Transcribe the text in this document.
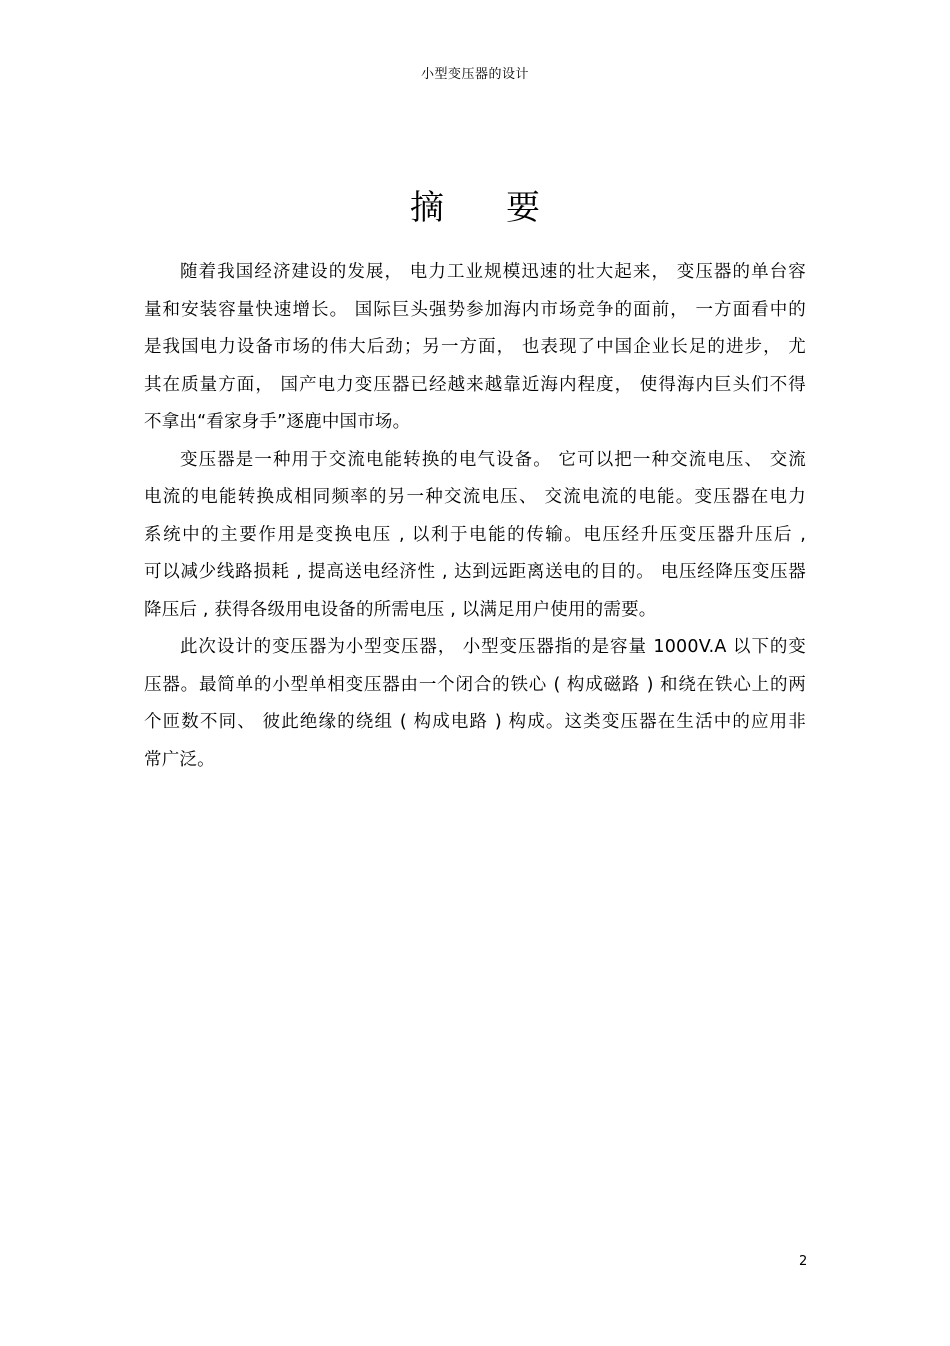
小型变压器的设计
摘 要
随着我国经济建设的发展， 电力工业规模迅速的壮大起来， 变压器的单台容
量和安装容量快速增长。 国际巨头强势参加海内市场竞争的面前， 一方面看中的
是我国电力设备市场的伟大后劲；另一方面， 也表现了中国企业长足的进步， 尤
其在质量方面， 国产电力变压器已经越来越靠近海内程度， 使得海内巨头们不得
不拿出“看家身手”逐鹿中国市场。
变压器是一种用于交流电能转换的电气设备。 它可以把一种交流电压、 交流
电流的电能转换成相同频率的另一种交流电压、 交流电流的电能。变压器在电力
系统中的主要作用是变换电压 , 以利于电能的传输。电压经升压变压器升压后 ,
可以减少线路损耗 , 提高送电经济性 , 达到远距离送电的目的。 电压经降压变压器
降压后 , 获得各级用电设备的所需电压 , 以满足用户使用的需要。
此次设计的变压器为小型变压器， 小型变压器指的是容量 1000V.A 以下的变
压器。最简单的小型单相变压器由一个闭合的铁心 ( 构成磁路 ) 和绕在铁心上的两
个匝数不同、 彼此绝缘的绕组 ( 构成电路 ) 构成。这类变压器在生活中的应用非
常广泛。
2
